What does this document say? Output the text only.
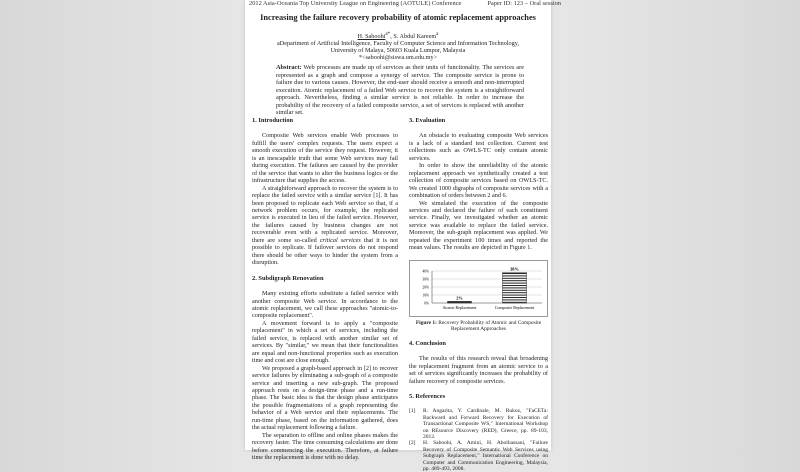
2012 Asia-Oceania Top University League on Engineering (AOTULE) Conference	Paper ID: 123 – Oral session
Increasing the failure recovery probability of atomic replacement approaches
H. Saboohi$^{a*}$, S. Abdul Kareem$^a$
aDepartment of Artificial Intelligence, Faculty of Computer Science and Information Technology,
University of Malaya, 50603 Kuala Lumpur, Malaysia
*<saboohi@siswa.um.edu.my>
Abstract: Web processes are made up of services as their units of functionality. The services are represented as a graph and compose a synergy of service. The composite service is prone to failure due to various causes. However, the end-user should receive a smooth and non-interrupted execution. Atomic replacement of a failed Web service to recover the system is a straightforward approach. Nevertheless, finding a similar service is not reliable. In order to increase the probability of the recovery of a failed composite service, a set of services is replaced with another similar set.
1. Introduction

Composite Web services enable Web processes to fulfill the users' complex requests. The users expect a smooth execution of the service they request. However, it is an inescapable truth that some Web services may fail during execution. The failures are caused by the provider of the service that wants to alter the business logics or the infrastructure that supplies the access.

A straightforward approach to recover the system is to replace the failed service with a similar service [1]. It has been proposed to replicate each Web service so that, if a network problem occurs, for example, the replicated service is executed in lieu of the failed service. However, the failures caused by business changes are not recoverable even with a replicated service. Moreover, there are some so-called critical services that it is not possible to replicate. If failover services do not respond there should be other ways to hinder the system from a disruption.

2. Subdigraph Renovation

Many existing efforts substitute a failed service with another composite Web service. In accordance to the atomic replacement, we call these approaches "atomic-to-composite replacement".

A movement forward is to apply a "composite replacement" in which a set of services, including the failed service, is replaced with another similar set of services. By "similar," we mean that their functionalities are equal and non-functional properties such as execution time and cost are close enough.

We proposed a graph-based approach in [2] to recover service failures by eliminating a sub-graph of a composite service and inserting a new sub-graph. The proposed approach rests on a design-time phase and a run-time phase. The basic idea is that the design phase anticipates the possible fragmentations of a graph representing the behavior of a Web service and their replacements. The run-time phase, based on the information gathered, does the actual replacement following a failure.

The separation to offline and online phases makes the recovery faster. The time consuming calculations are done before commencing the execution. Therefore, at failure time the replacement is done with no delay.

3. Evaluation

An obstacle to evaluating composite Web services is a lack of a standard test collection. Current test collections such as OWLS-TC only contain atomic services.

In order to show the unreliability of the atomic replacement approach we synthetically created a test collection of composite services based on OWLS-TC. We created 1000 digraphs of composite services with a combination of orders between 2 and 6.

We simulated the execution of the composite services and declared the failure of each constituent service. Finally, we investigated whether an atomic service was available to replace the failed service. Moreover, the sub-graph replacement was applied. We repeated the experiment 100 times and reported the mean values. The results are depicted in Figure 1.

0%
10%
20%
30%
40%
2%
Atomic Replacement
38%
Composite Replacement
Figure 1: Recovery Probability of Atomic and Composite Replacement Approaches
4. Conclusion

The results of this research reveal that broadening the replacement fragment from an atomic service to a set of services significantly increases the probability of failure recovery of composite services.

5. References
[1]	R. Angarita, Y. Cardinale, M. Rukoz, "FaCETa: Backward and Forward Recovery for Execution of Transactional Composite WS," International Workshop on REsource Discovery (RED), Greece, pp. 89-103, 2012.
[2]	H. Saboohi, A. Amini, H. Abolhassani, "Failure Recovery of Composite Semantic Web Services using Subgraph Replacement," International Conference on Computer and Communication Engineering, Malaysia, pp. 489-493, 2008.
